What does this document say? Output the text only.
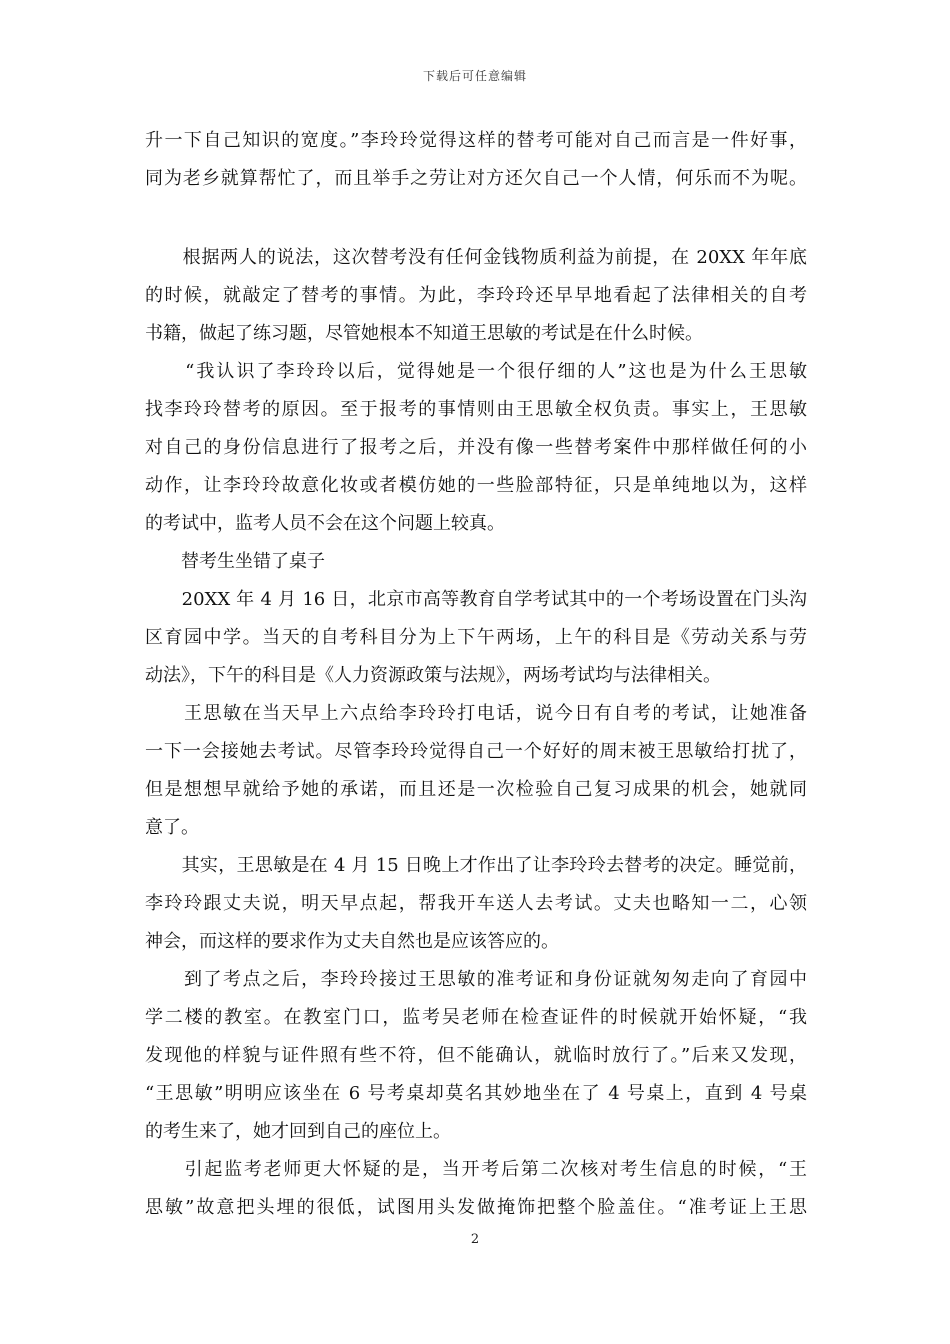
下载后可任意编辑
升一下自己知识的宽度。”李玲玲觉得这样的替考可能对自己而言是一件好事，
同为老乡就算帮忙了，而且举手之劳让对方还欠自己一个人情，何乐而不为呢。
　　根据两人的说法，这次替考没有任何金钱物质利益为前提，在 20XX 年年底
的时候，就敲定了替考的事情。为此，李玲玲还早早地看起了法律相关的自考
书籍，做起了练习题，尽管她根本不知道王思敏的考试是在什么时候。
　　“我认识了李玲玲以后，觉得她是一个很仔细的人”这也是为什么王思敏
找李玲玲替考的原因。至于报考的事情则由王思敏全权负责。事实上，王思敏
对自己的身份信息进行了报考之后，并没有像一些替考案件中那样做任何的小
动作，让李玲玲故意化妆或者模仿她的一些脸部特征，只是单纯地以为，这样
的考试中，监考人员不会在这个问题上较真。
　　替考生坐错了桌子
　　20XX 年 4 月 16 日，北京市高等教育自学考试其中的一个考场设置在门头沟
区育园中学。当天的自考科目分为上下午两场，上午的科目是《劳动关系与劳
动法》，下午的科目是《人力资源政策与法规》，两场考试均与法律相关。
　　王思敏在当天早上六点给李玲玲打电话，说今日有自考的考试，让她准备
一下一会接她去考试。尽管李玲玲觉得自己一个好好的周末被王思敏给打扰了，
但是想想早就给予她的承诺，而且还是一次检验自己复习成果的机会，她就同
意了。
　　其实，王思敏是在 4 月 15 日晚上才作出了让李玲玲去替考的决定。睡觉前，
李玲玲跟丈夫说，明天早点起，帮我开车送人去考试。丈夫也略知一二，心领
神会，而这样的要求作为丈夫自然也是应该答应的。
　　到了考点之后，李玲玲接过王思敏的准考证和身份证就匆匆走向了育园中
学二楼的教室。在教室门口，监考吴老师在检查证件的时候就开始怀疑，“我
发现他的样貌与证件照有些不符，但不能确认，就临时放行了。”后来又发现，
“王思敏”明明应该坐在 6 号考桌却莫名其妙地坐在了 4 号桌上，直到 4 号桌
的考生来了，她才回到自己的座位上。
　　引起监考老师更大怀疑的是，当开考后第二次核对考生信息的时候，“王
思敏”故意把头埋的很低，试图用头发做掩饰把整个脸盖住。“准考证上王思
2
